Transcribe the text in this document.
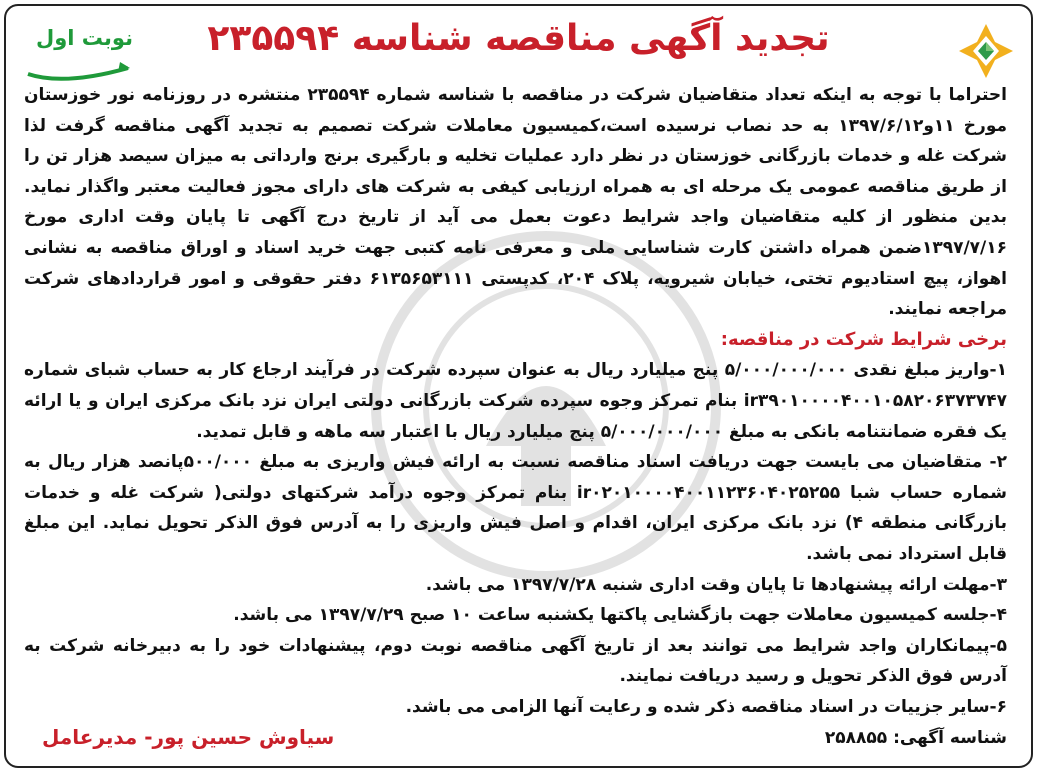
تجدید آگهی مناقصه شناسه ۲۳۵۵۹۴
نوبت اول

احتراما با توجه به اینکه تعداد متقاضیان شرکت در مناقصه با شناسه شماره ۲۳۵۵۹۴ منتشره در روزنامه نور خوزستان مورخ ۱۱و۱۳۹۷/۶/۱۲ به حد نصاب نرسیده است،کمیسیون معاملات شرکت تصمیم به تجدید آگهی مناقصه گرفت لذا شرکت غله و خدمات بازرگانی خوزستان در نظر دارد عملیات تخلیه و بارگیری برنج وارداتی به میزان سیصد هزار تن را از طریق مناقصه عمومی یک مرحله ای به همراه ارزیابی کیفی به شرکت های دارای مجوز فعالیت معتبر واگذار نماید. بدین منظور از کلیه متقاضیان واجد شرایط دعوت بعمل می آید از تاریخ درج آگهی تا پایان وقت اداری مورخ ۱۳۹۷/۷/۱۶ضمن همراه داشتن کارت شناسایی ملی و معرفی نامه کتبی جهت خرید اسناد و اوراق مناقصه به نشانی اهواز، پیچ استادیوم تختی، خیابان شیرویه، پلاک ۲۰۴، کدپستی ۶۱۳۵۶۵۳۱۱۱ دفتر حقوقی و امور قراردادهای شرکت مراجعه نمایند.

برخی شرایط شرکت در مناقصه:

۱-واریز مبلغ نقدی ۵/۰۰۰/۰۰۰/۰۰۰ پنج میلیارد ریال به عنوان سپرده شرکت در فرآیند ارجاع کار به حساب شبای شماره ir۳۹۰۱۰۰۰۰۴۰۰۱۰۵۸۲۰۶۳۷۳۷۴۷ بنام تمرکز وجوه سپرده شرکت بازرگانی دولتی ایران نزد بانک مرکزی ایران و یا ارائه یک فقره ضمانتنامه بانکی به مبلغ ۵/۰۰۰/۰۰۰/۰۰۰ پنج میلیارد ریال با اعتبار سه ماهه و قابل تمدید.

۲- متقاضیان می بایست جهت دریافت اسناد مناقصه نسبت به ارائه فیش واریزی به مبلغ ۵۰۰/۰۰۰پانصد هزار ریال به شماره حساب شبا ir۰۲۰۱۰۰۰۰۴۰۰۱۱۲۳۶۰۴۰۲۵۲۵۵ بنام تمرکز وجوه درآمد شرکتهای دولتی( شرکت غله و خدمات بازرگانی منطقه ۴) نزد بانک مرکزی ایران، اقدام و اصل فیش واریزی را به آدرس فوق الذکر تحویل نماید. این مبلغ قابل استرداد نمی باشد.

۳-مهلت ارائه پیشنهادها تا پایان وقت اداری شنبه ۱۳۹۷/۷/۲۸ می باشد.

۴-جلسه کمیسیون معاملات جهت بازگشایی پاکتها یکشنبه ساعت ۱۰ صبح ۱۳۹۷/۷/۲۹ می باشد.

۵-پیمانکاران واجد شرایط می توانند بعد از تاریخ آگهی مناقصه نوبت دوم، پیشنهادات خود را به دبیرخانه شرکت به آدرس فوق الذکر تحویل و رسید دریافت نمایند.

۶-سایر جزییات در اسناد مناقصه ذکر شده و رعایت آنها الزامی می باشد.

شناسه آگهی: ۲۵۸۸۵۵
سیاوش حسین پور- مدیرعامل
